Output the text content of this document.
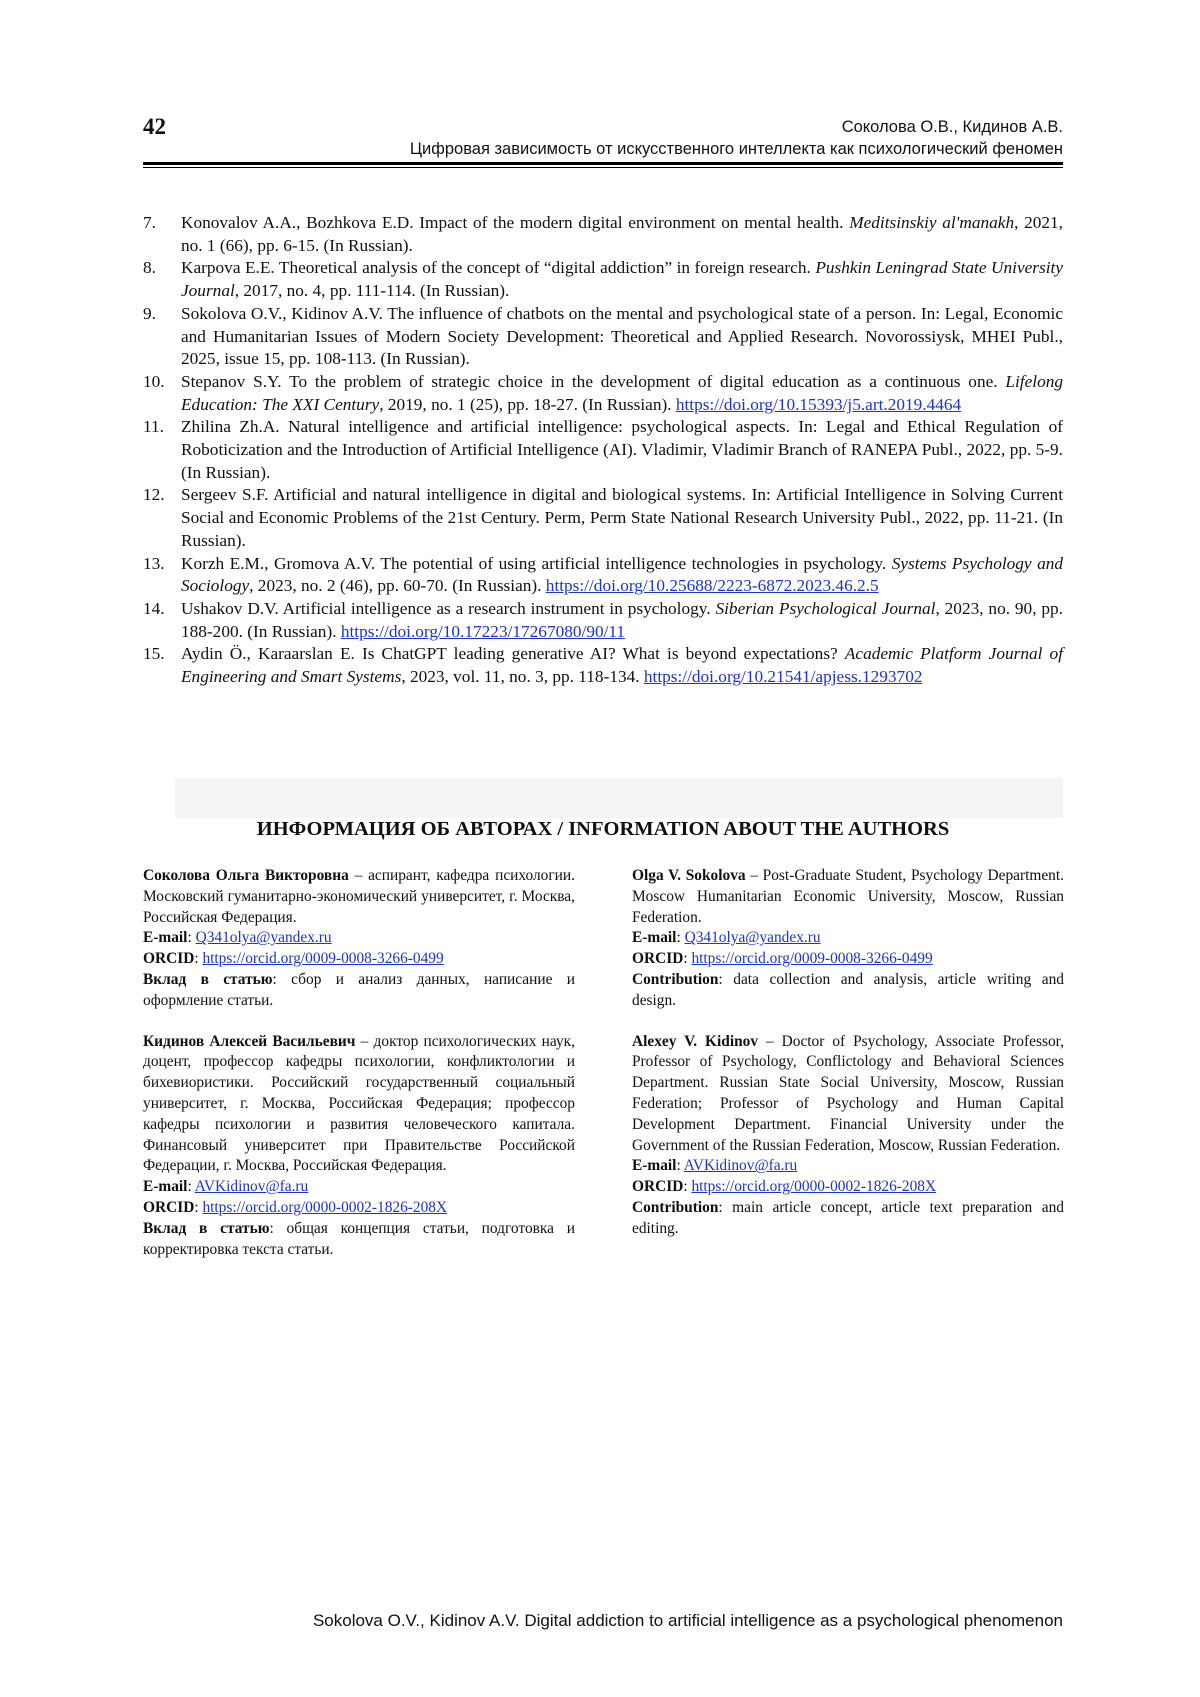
42	Соколова О.В., Кидинов А.В.
Цифровая зависимость от искусственного интеллекта как психологический феномен
7.	Konovalov A.A., Bozhkova E.D. Impact of the modern digital environment on mental health. Meditsinskiy al'manakh, 2021, no. 1 (66), pp. 6-15. (In Russian).
8.	Karpova E.E. Theoretical analysis of the concept of “digital addiction” in foreign research. Pushkin Leningrad State University Journal, 2017, no. 4, pp. 111-114. (In Russian).
9.	Sokolova O.V., Kidinov A.V. The influence of chatbots on the mental and psychological state of a person. In: Legal, Economic and Humanitarian Issues of Modern Society Development: Theoretical and Applied Research. Novorossiysk, MHEI Publ., 2025, issue 15, pp. 108-113. (In Russian).
10. Stepanov S.Y. To the problem of strategic choice in the development of digital education as a continuous one. Lifelong Education: The XXI Century, 2019, no. 1 (25), pp. 18-27. (In Russian). https://doi.org/10.15393/j5.art.2019.4464
11. Zhilina Zh.A. Natural intelligence and artificial intelligence: psychological aspects. In: Legal and Ethical Regulation of Roboticization and the Introduction of Artificial Intelligence (AI). Vladimir, Vladimir Branch of RANEPA Publ., 2022, pp. 5-9. (In Russian).
12. Sergeev S.F. Artificial and natural intelligence in digital and biological systems. In: Artificial Intelligence in Solving Current Social and Economic Problems of the 21st Century. Perm, Perm State National Research University Publ., 2022, pp. 11-21. (In Russian).
13. Korzh E.M., Gromova A.V. The potential of using artificial intelligence technologies in psychology. Systems Psychology and Sociology, 2023, no. 2 (46), pp. 60-70. (In Russian). https://doi.org/10.25688/2223-6872.2023.46.2.5
14. Ushakov D.V. Artificial intelligence as a research instrument in psychology. Siberian Psychological Journal, 2023, no. 90, pp. 188-200. (In Russian). https://doi.org/10.17223/17267080/90/11
15. Aydin Ö., Karaarslan E. Is ChatGPT leading generative AI? What is beyond expectations? Academic Platform Journal of Engineering and Smart Systems, 2023, vol. 11, no. 3, pp. 118-134. https://doi.org/10.21541/apjess.1293702
ИНФОРМАЦИЯ ОБ АВТОРАХ / INFORMATION ABOUT THE AUTHORS

Соколова Ольга Викторовна – аспирант, кафедра психологии. Московский гуманитарно-экономический университет, г. Москва, Российская Федерация.

E-mail: Q341olya@yandex.ru

ORCID: https://orcid.org/0009-0008-3266-0499

Вклад в статью: сбор и анализ данных, написание и оформление статьи.

Кидинов Алексей Васильевич – доктор психологических наук, доцент, профессор кафедры психологии, конфликтологии и бихевиористики. Российский государственный социальный университет, г. Москва, Российская Федерация; профессор кафедры психологии и развития человеческого капитала. Финансовый университет при Правительстве Российской Федерации, г. Москва, Российская Федерация.

E-mail: AVKidinov@fa.ru

ORCID: https://orcid.org/0000-0002-1826-208X

Вклад в статью: общая концепция статьи, подготовка и корректировка текста статьи.

Olga V. Sokolova – Post-Graduate Student, Psychology Department. Moscow Humanitarian Economic University, Moscow, Russian Federation.

E-mail: Q341olya@yandex.ru

ORCID: https://orcid.org/0009-0008-3266-0499

Contribution: data collection and analysis, article writing and design.

Alexey V. Kidinov – Doctor of Psychology, Associate Professor, Professor of Psychology, Conflictology and Behavioral Sciences Department. Russian State Social University, Moscow, Russian Federation; Professor of Psychology and Human Capital Development Department. Financial University under the Government of the Russian Federation, Moscow, Russian Federation.

E-mail: AVKidinov@fa.ru

ORCID: https://orcid.org/0000-0002-1826-208X

Contribution: main article concept, article text preparation and editing.

Sokolova O.V., Kidinov A.V. Digital addiction to artificial intelligence as a psychological phenomenon
